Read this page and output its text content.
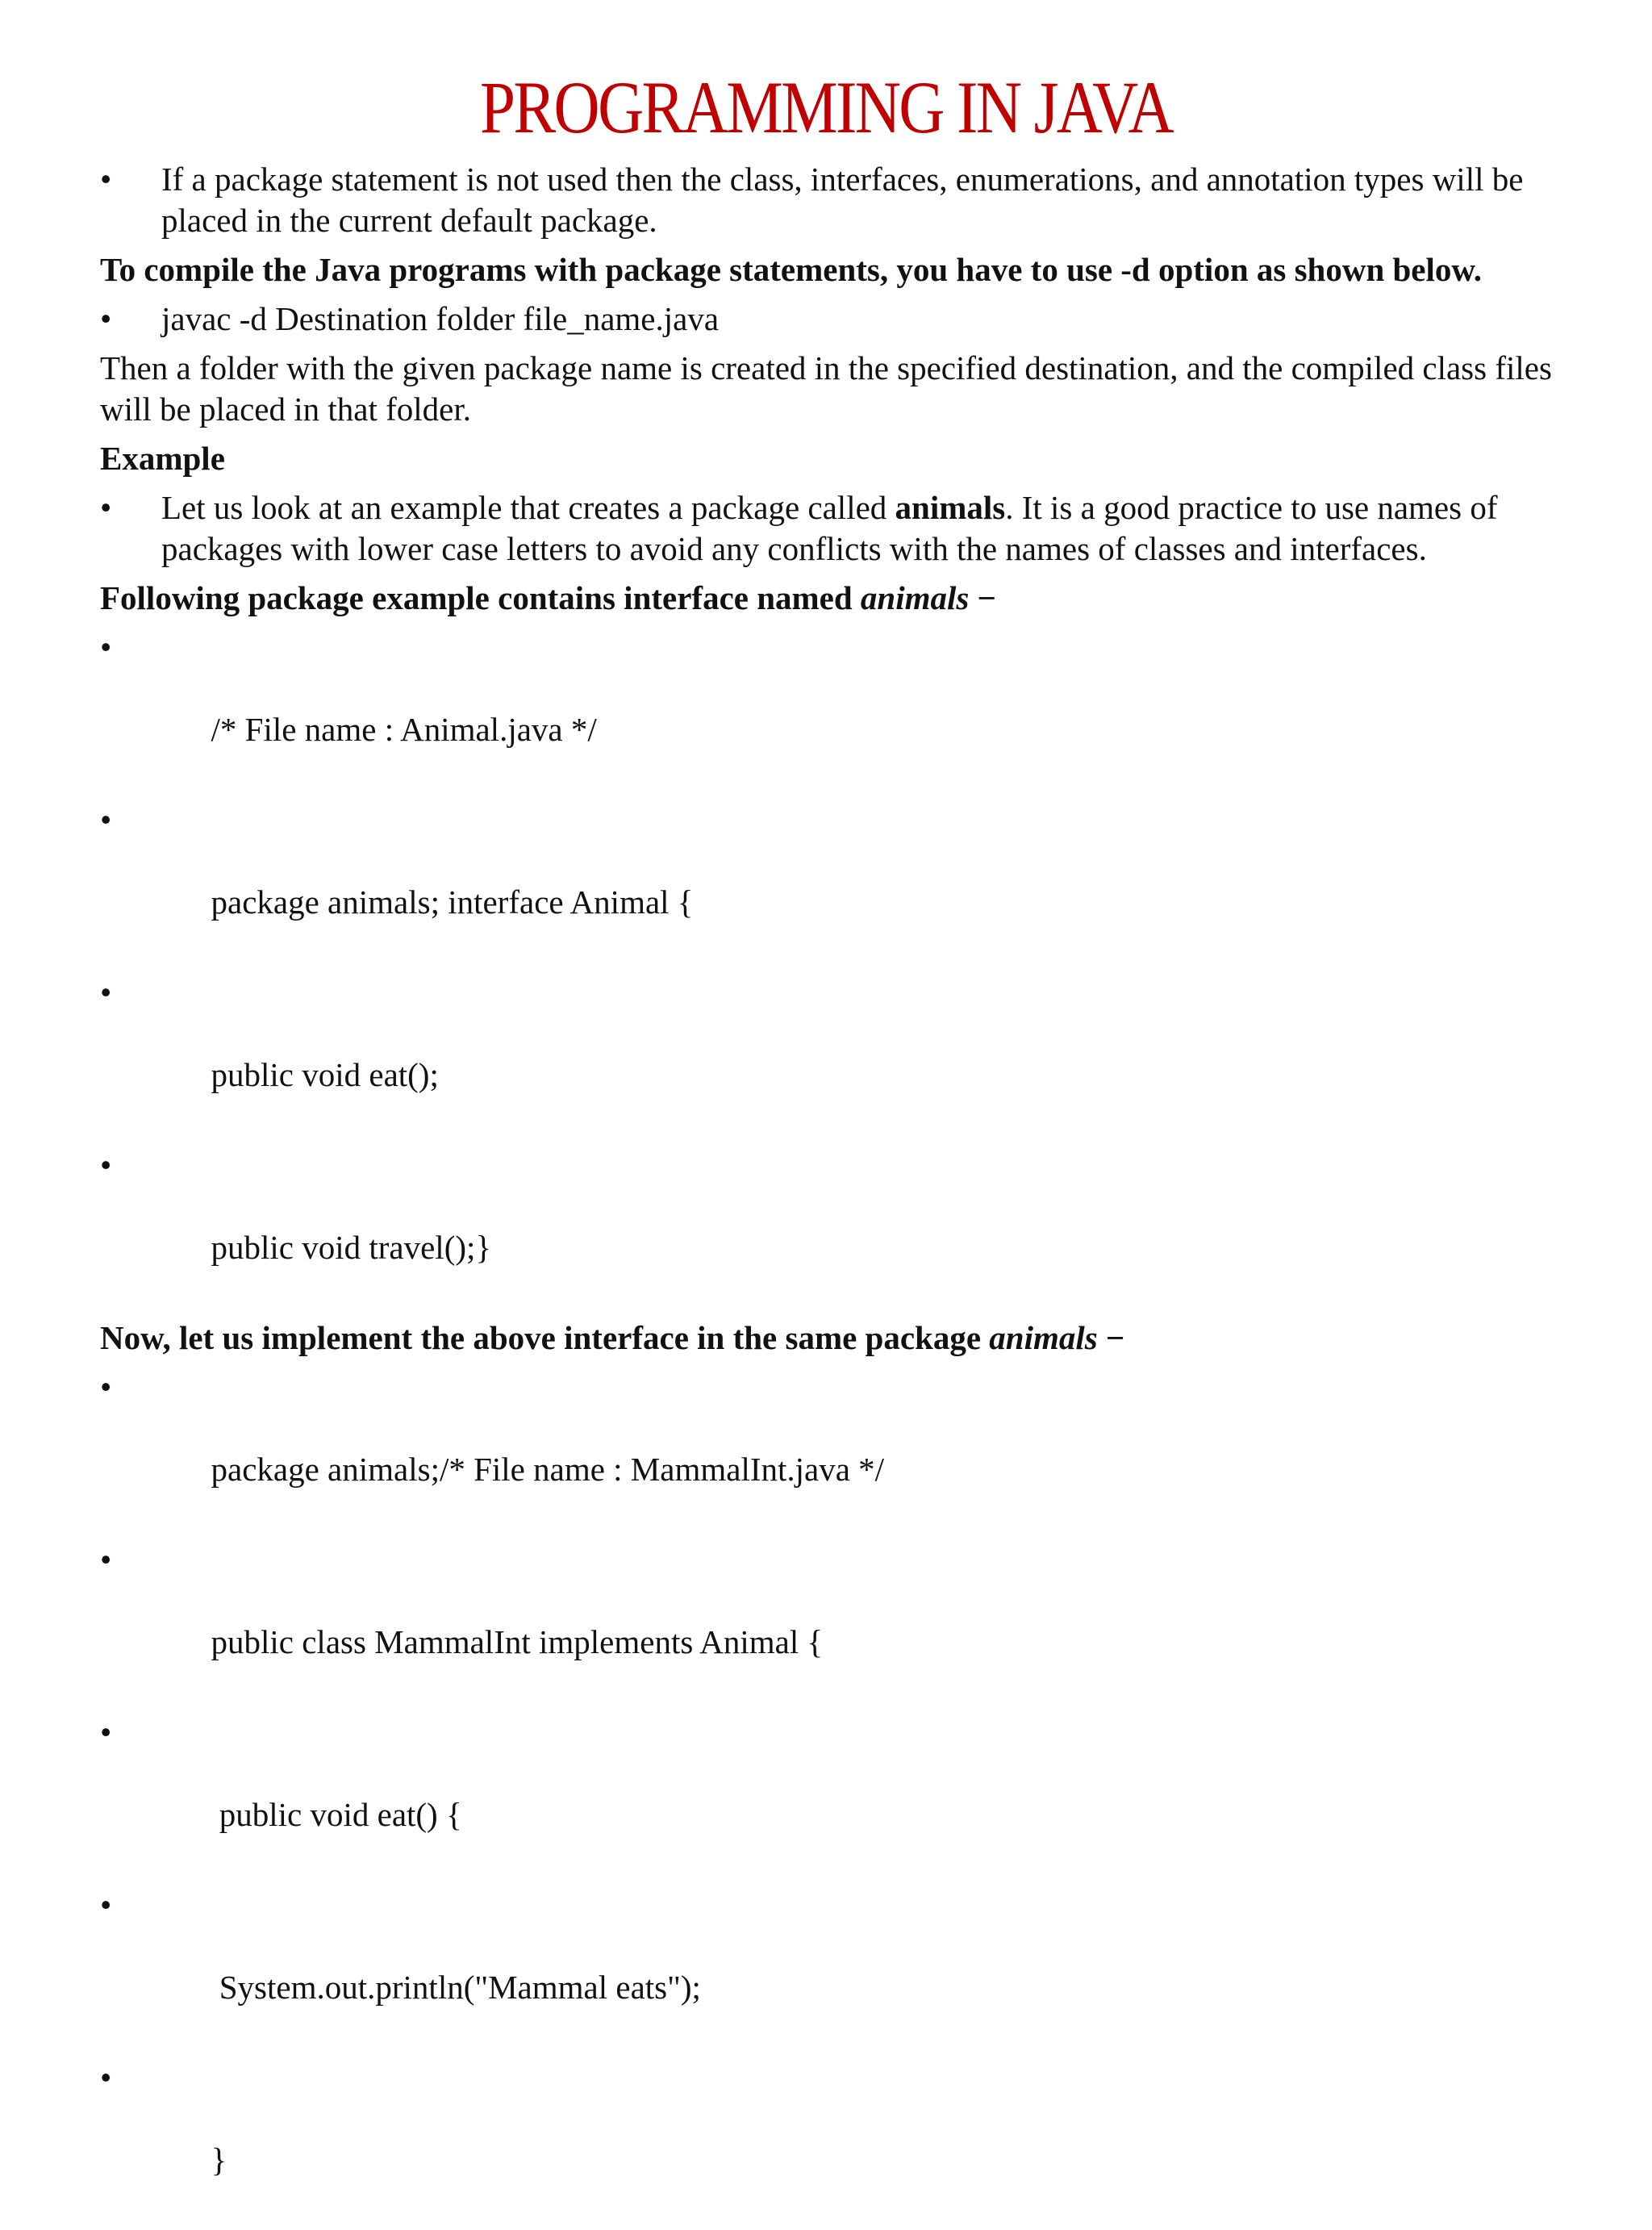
PROGRAMMING IN JAVA
• If a package statement is not used then the class, interfaces, enumerations, and annotation types will be placed in the current default package.
To compile the Java programs with package statements, you have to use -d option as shown below.
• javac -d Destination folder file_name.java
Then a folder with the given package name is created in the specified destination, and the compiled class files will be placed in that folder.
Example
• Let us look at an example that creates a package called animals. It is a good practice to use names of packages with lower case letters to avoid any conflicts with the names of classes and interfaces.
Following package example contains interface named animals −

•

/* File name : Animal.java */

•

package animals; interface Animal {

•

public void eat();

•

public void travel();}

Now, let us implement the above interface in the same package animals −

•

package animals;/* File name : MammalInt.java */

•

public class MammalInt implements Animal {

•

public void eat() {

•

System.out.println("Mammal eats");

•

}
